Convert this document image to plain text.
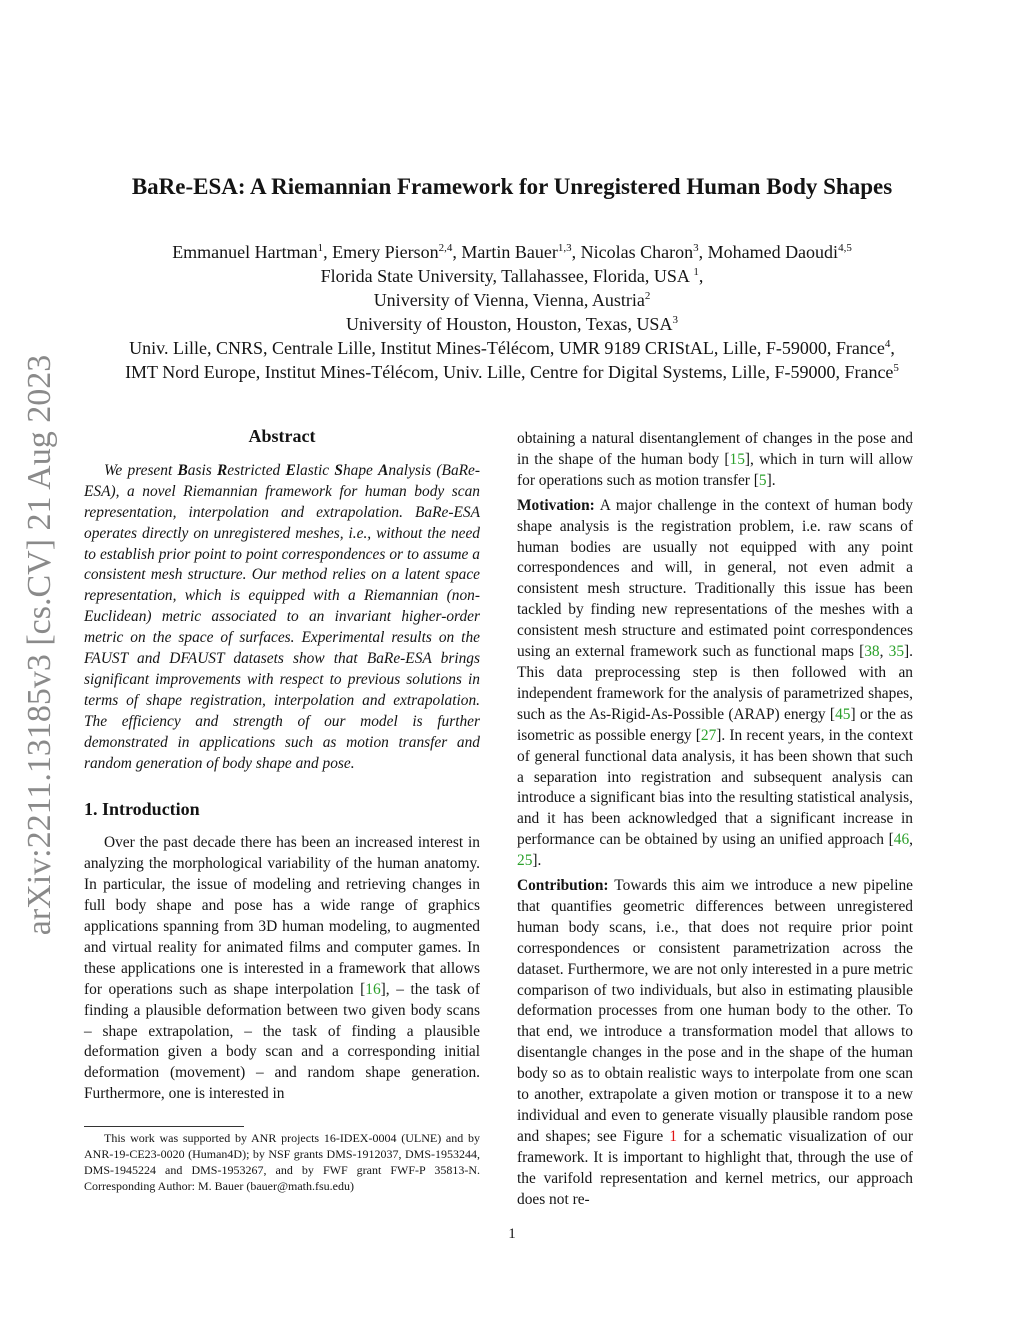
arXiv:2211.13185v3 [cs.CV] 21 Aug 2023
BaRe-ESA: A Riemannian Framework for Unregistered Human Body Shapes
Emmanuel Hartman$^1$, Emery Pierson$^{2,4}$, Martin Bauer$^{1,3}$, Nicolas Charon$^3$, Mohamed Daoudi$^{4,5}$
Florida State University, Tallahassee, Florida, USA $^1$,
University of Vienna, Vienna, Austria$^2$
University of Houston, Houston, Texas, USA$^3$
Univ. Lille, CNRS, Centrale Lille, Institut Mines-Télécom, UMR 9189 CRIStAL, Lille, F-59000, France$^4$,
IMT Nord Europe, Institut Mines-Télécom, Univ. Lille, Centre for Digital Systems, Lille, F-59000, France$^5$
Abstract

We present Basis Restricted Elastic Shape Analysis (BaRe-ESA), a novel Riemannian framework for human body scan representation, interpolation and extrapolation. BaRe-ESA operates directly on unregistered meshes, i.e., without the need to establish prior point to point correspondences or to assume a consistent mesh structure. Our method relies on a latent space representation, which is equipped with a Riemannian (non-Euclidean) metric associated to an invariant higher-order metric on the space of surfaces. Experimental results on the FAUST and DFAUST datasets show that BaRe-ESA brings significant improvements with respect to previous solutions in terms of shape registration, interpolation and extrapolation. The efficiency and strength of our model is further demonstrated in applications such as motion transfer and random generation of body shape and pose.

1. Introduction

Over the past decade there has been an increased interest in analyzing the morphological variability of the human anatomy. In particular, the issue of modeling and retrieving changes in full body shape and pose has a wide range of graphics applications spanning from 3D human modeling, to augmented and virtual reality for animated films and computer games. In these applications one is interested in a framework that allows for operations such as shape interpolation [16], – the task of finding a plausible deformation between two given body scans – shape extrapolation, – the task of finding a plausible deformation given a body scan and a corresponding initial deformation (movement) – and random shape generation. Furthermore, one is interested in

This work was supported by ANR projects 16-IDEX-0004 (ULNE) and by ANR-19-CE23-0020 (Human4D); by NSF grants DMS-1912037, DMS-1953244, DMS-1945224 and DMS-1953267, and by FWF grant FWF-P 35813-N. Corresponding Author: M. Bauer (bauer@math.fsu.edu)

obtaining a natural disentanglement of changes in the pose and in the shape of the human body [15], which in turn will allow for operations such as motion transfer [5].

Motivation: A major challenge in the context of human body shape analysis is the registration problem, i.e. raw scans of human bodies are usually not equipped with any point correspondences and will, in general, not even admit a consistent mesh structure. Traditionally this issue has been tackled by finding new representations of the meshes with a consistent mesh structure and estimated point correspondences using an external framework such as functional maps [38, 35]. This data preprocessing step is then followed with an independent framework for the analysis of parametrized shapes, such as the As-Rigid-As-Possible (ARAP) energy [45] or the as isometric as possible energy [27]. In recent years, in the context of general functional data analysis, it has been shown that such a separation into registration and subsequent analysis can introduce a significant bias into the resulting statistical analysis, and it has been acknowledged that a significant increase in performance can be obtained by using an unified approach [46, 25].

Contribution: Towards this aim we introduce a new pipeline that quantifies geometric differences between unregistered human body scans, i.e., that does not require prior point correspondences or consistent parametrization across the dataset. Furthermore, we are not only interested in a pure metric comparison of two individuals, but also in estimating plausible deformation processes from one human body to the other. To that end, we introduce a transformation model that allows to disentangle changes in the pose and in the shape of the human body so as to obtain realistic ways to interpolate from one scan to another, extrapolate a given motion or transpose it to a new individual and even to generate visually plausible random pose and shapes; see Figure 1 for a schematic visualization of our framework. It is important to highlight that, through the use of the varifold representation and kernel metrics, our approach does not re-

1
